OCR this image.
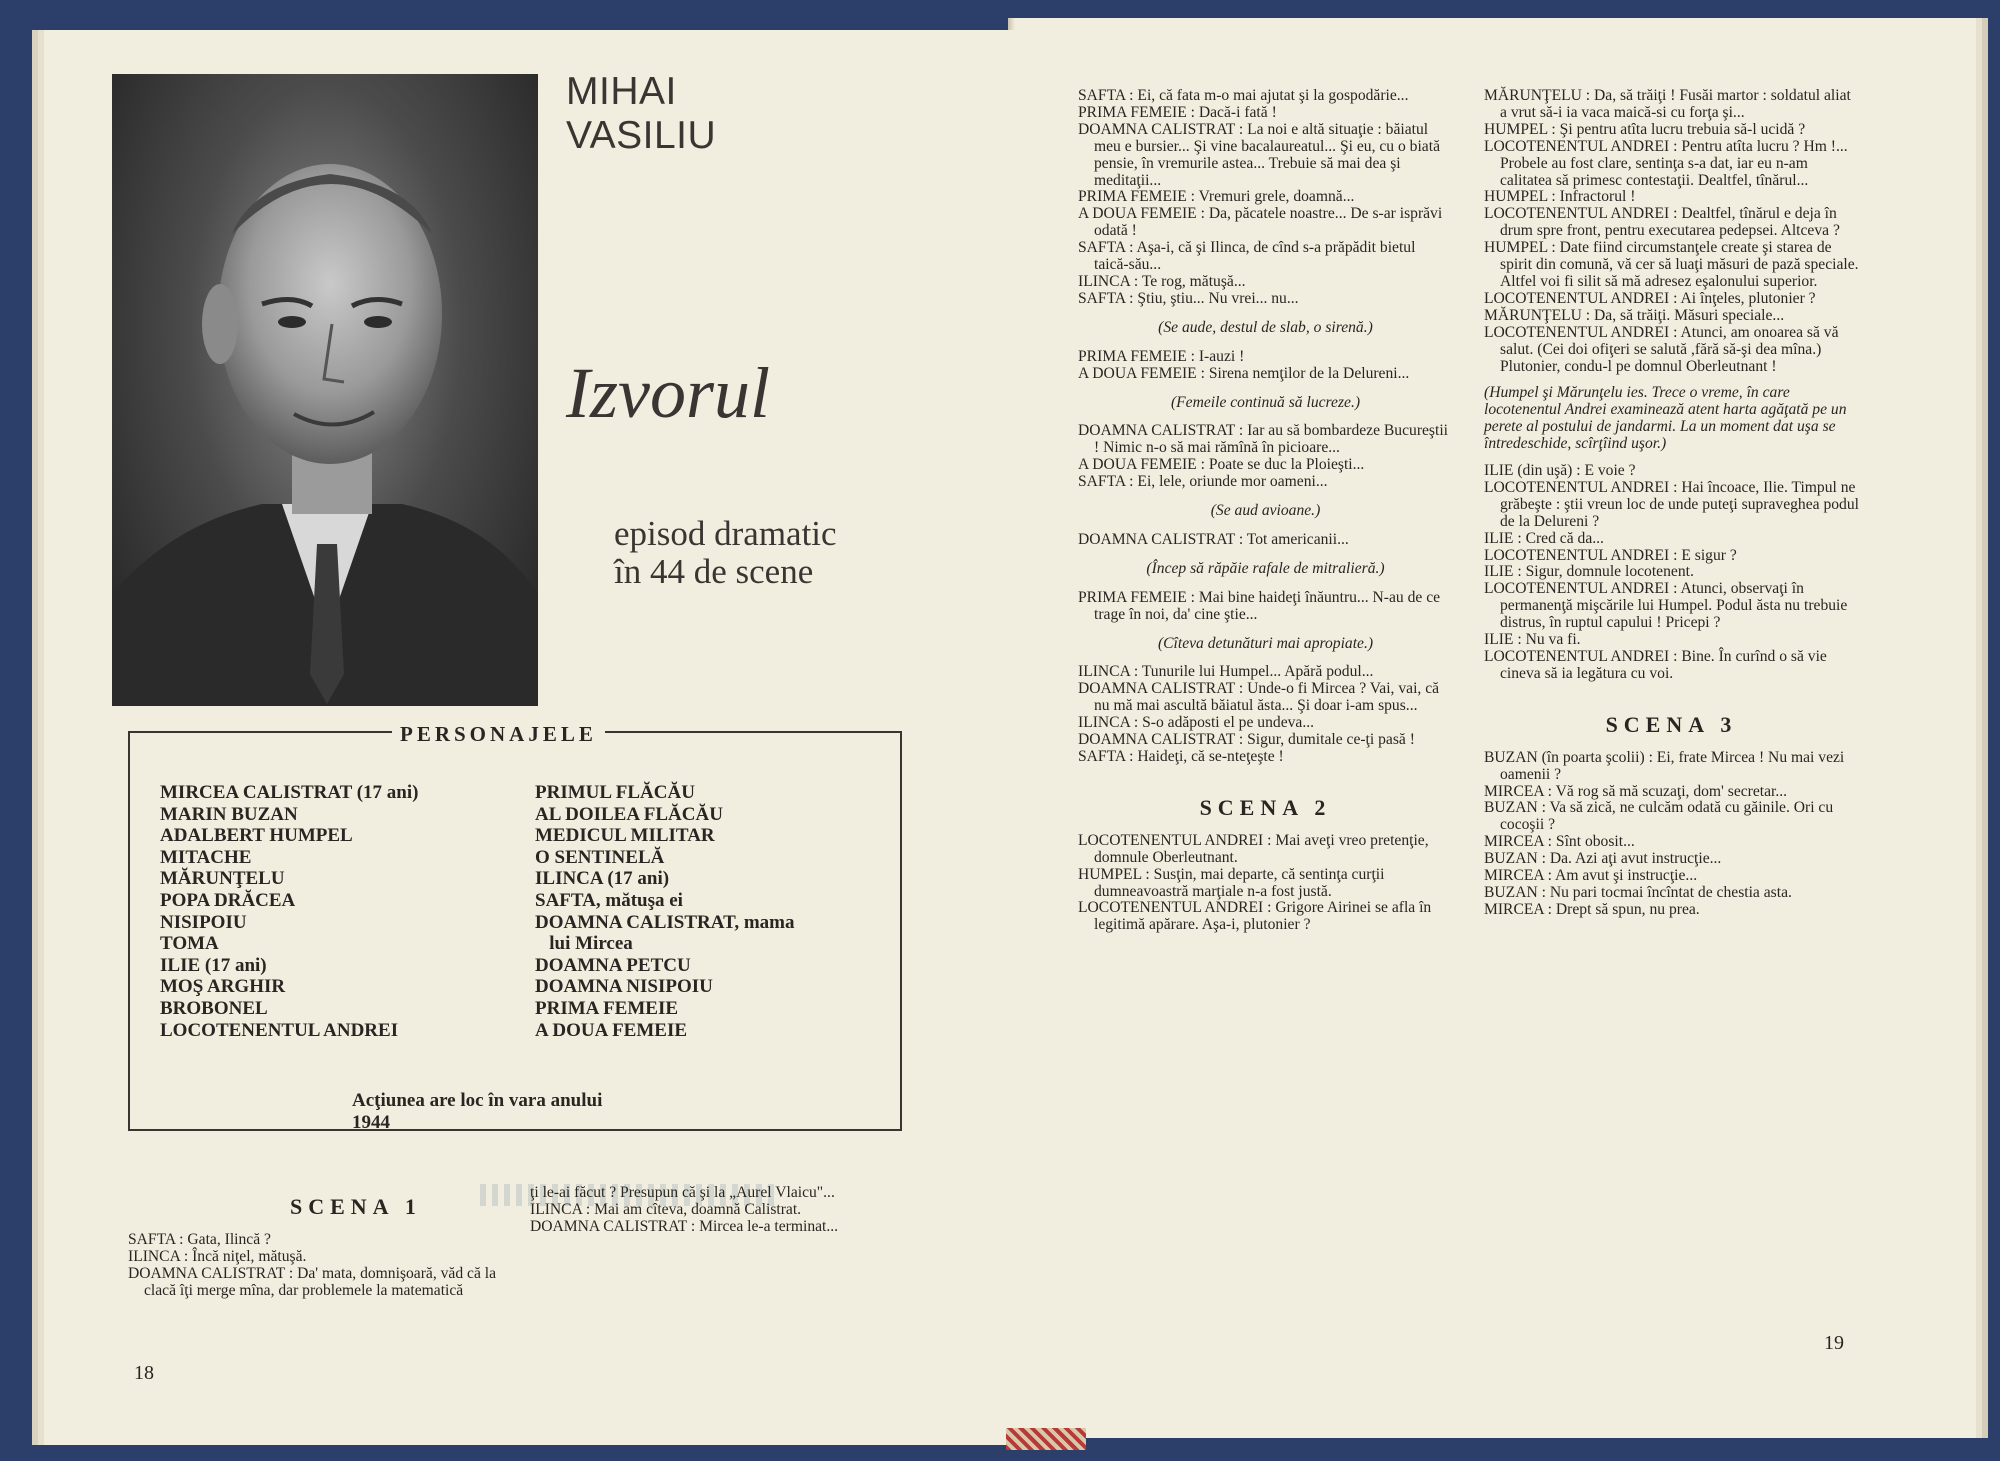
MIHAI
VASILIU
Izvorul
episod dramatic
în 44 de scene
PERSONAJELE
MIRCEA CALISTRAT (17 ani)
MARIN BUZAN
ADALBERT HUMPEL
MITACHE
MĂRUNŢELU
POPA DRĂCEA
NISIPOIU
TOMA
ILIE (17 ani)
MOŞ ARGHIR
BROBONEL
LOCOTENENTUL ANDREI
PRIMUL FLĂCĂU
AL DOILEA FLĂCĂU
MEDICUL MILITAR
O SENTINELĂ
ILINCA (17 ani)
SAFTA, mătuşa ei
DOAMNA CALISTRAT, mama
lui Mircea
DOAMNA PETCU
DOAMNA NISIPOIU
PRIMA FEMEIE
A DOUA FEMEIE
Acţiunea are loc în vara anului
1944
SCENA 1

SAFTA : Gata, Ilincă ?

ILINCA : Încă niţel, mătuşă.

DOAMNA CALISTRAT : Da' mata, domnişoară, văd că la clacă îţi merge mîna, dar problemele la matematică

ţi le-ai făcut ? Presupun că şi la „Aurel Vlaicu"...

ILINCA : Mai am cîteva, doamnă Calistrat.

DOAMNA CALISTRAT : Mircea le-a terminat...

18

SAFTA : Ei, că fata m-o mai ajutat şi la gospodărie...

PRIMA FEMEIE : Dacă-i fată !

DOAMNA CALISTRAT : La noi e altă situaţie : băiatul meu e bursier... Şi vine bacalaureatul... Şi eu, cu o biată pensie, în vremurile astea... Trebuie să mai dea şi meditaţii...

PRIMA FEMEIE : Vremuri grele, doamnă...

A DOUA FEMEIE : Da, păcatele noastre... De s-ar isprăvi odată !

SAFTA : Aşa-i, că şi Ilinca, de cînd s-a prăpădit bietul taică-său...

ILINCA : Te rog, mătuşă...

SAFTA : Ştiu, ştiu... Nu vrei... nu...

(Se aude, destul de slab, o sirenă.)

PRIMA FEMEIE : I-auzi !

A DOUA FEMEIE : Sirena nemţilor de la Delureni...

(Femeile continuă să lucreze.)

DOAMNA CALISTRAT : Iar au să bombardeze Bucureştii ! Nimic n-o să mai rămînă în picioare...

A DOUA FEMEIE : Poate se duc la Ploieşti...

SAFTA : Ei, lele, oriunde mor oameni...

(Se aud avioane.)

DOAMNA CALISTRAT : Tot americanii...

(Încep să răpăie rafale de mitralieră.)

PRIMA FEMEIE : Mai bine haideţi înăuntru... N-au de ce trage în noi, da' cine ştie...

(Cîteva detunături mai apropiate.)

ILINCA : Tunurile lui Humpel... Apără podul...

DOAMNA CALISTRAT : Unde-o fi Mircea ? Vai, vai, că nu mă mai ascultă băiatul ăsta... Şi doar i-am spus...

ILINCA : S-o adăposti el pe undeva...

DOAMNA CALISTRAT : Sigur, dumitale ce-ţi pasă !

SAFTA : Haideţi, că se-nteţeşte !

SCENA 2

LOCOTENENTUL ANDREI : Mai aveţi vreo pretenţie, domnule Oberleutnant.

HUMPEL : Susţin, mai departe, că sentinţa curţii dumneavoastră marţiale n-a fost justă.

LOCOTENENTUL ANDREI : Grigore Airinei se afla în legitimă apărare. Aşa-i, plutonier ?

MĂRUNŢELU : Da, să trăiţi ! Fusăi martor : soldatul aliat a vrut să-i ia vaca maică-si cu forţa şi...

HUMPEL : Şi pentru atîta lucru trebuia să-l ucidă ?

LOCOTENENTUL ANDREI : Pentru atîta lucru ? Hm !... Probele au fost clare, sentinţa s-a dat, iar eu n-am calitatea să primesc contestaţii. Dealtfel, tînărul...

HUMPEL : Infractorul !

LOCOTENENTUL ANDREI : Dealtfel, tînărul e deja în drum spre front, pentru executarea pedepsei. Altceva ?

HUMPEL : Date fiind circumstanţele create şi starea de spirit din comună, vă cer să luaţi măsuri de pază speciale. Altfel voi fi silit să mă adresez eşalonului superior.

LOCOTENENTUL ANDREI : Ai înţeles, plutonier ?

MĂRUNŢELU : Da, să trăiţi. Măsuri speciale...

LOCOTENENTUL ANDREI : Atunci, am onoarea să vă salut. (Cei doi ofiţeri se salută ,fără să-şi dea mîna.) Plutonier, condu-l pe domnul Oberleutnant !

(Humpel şi Mărunţelu ies. Trece o vreme, în care locotenentul Andrei examinează atent harta agăţată pe un perete al postului de jandarmi. La un moment dat uşa se întredeschide, scîrţîind uşor.)

ILIE (din uşă) : E voie ?

LOCOTENENTUL ANDREI : Hai încoace, Ilie. Timpul ne grăbeşte : ştii vreun loc de unde puteţi supraveghea podul de la Delureni ?

ILIE : Cred că da...

LOCOTENENTUL ANDREI : E sigur ?

ILIE : Sigur, domnule locotenent.

LOCOTENENTUL ANDREI : Atunci, observaţi în permanenţă mişcările lui Humpel. Podul ăsta nu trebuie distrus, în ruptul capului ! Pricepi ?

ILIE : Nu va fi.

LOCOTENENTUL ANDREI : Bine. În curînd o să vie cineva să ia legătura cu voi.

SCENA 3

BUZAN (în poarta şcolii) : Ei, frate Mircea ! Nu mai vezi oamenii ?

MIRCEA : Vă rog să mă scuzaţi, dom' secretar...

BUZAN : Va să zică, ne culcăm odată cu găinile. Ori cu cocoşii ?

MIRCEA : Sînt obosit...

BUZAN : Da. Azi aţi avut instrucţie...

MIRCEA : Am avut şi instrucţie...

BUZAN : Nu pari tocmai încîntat de chestia asta.

MIRCEA : Drept să spun, nu prea.

19
